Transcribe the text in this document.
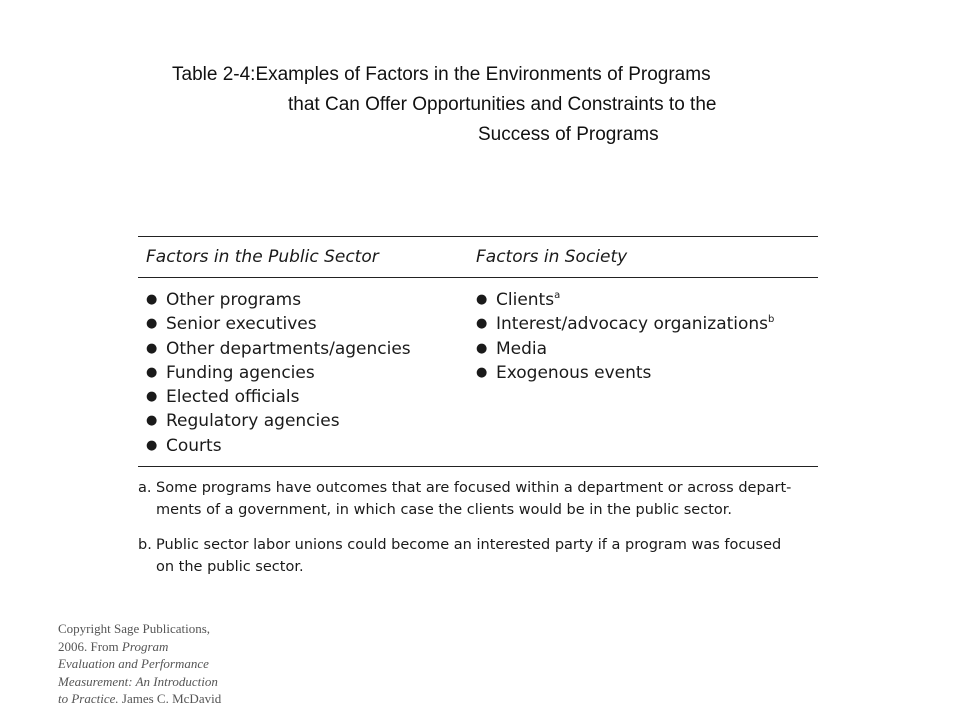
Table 2-4:Examples of Factors in the Environments of Programs
that Can Offer Opportunities and Constraints to the
Success of Programs
Factors in the Public Sector	Factors in Society
● Other programs
● Senior executives
● Other departments/agencies
● Funding agencies
● Elected officials
● Regulatory agencies
● Courts
● Clients$^a$
● Interest/advocacy organizations$^b$
● Media
● Exogenous events
a. Some programs have outcomes that are focused within a department or across depart-
ments of a government, in which case the clients would be in the public sector.
b. Public sector labor unions could become an interested party if a program was focused
on the public sector.
Copyright Sage Publications,
2006. From Program
Evaluation and Performance
Measurement: An Introduction
to Practice. James C. McDavid
